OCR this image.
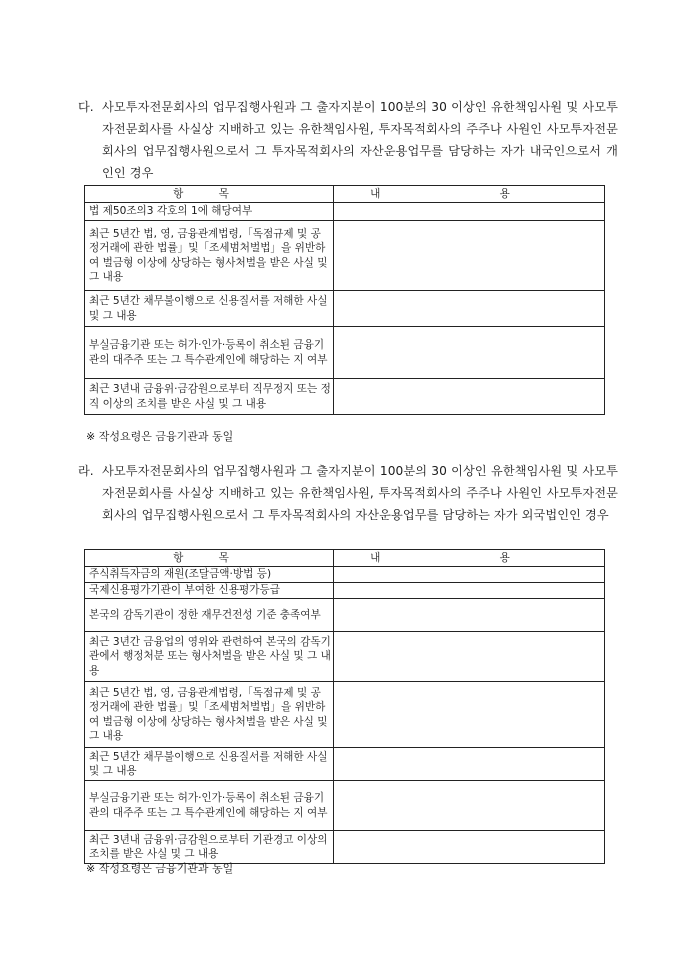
다. 사모투자전문회사의 업무집행사원과 그 출자지분이 100분의 30 이상인 유한책임사원 및 사모투자전문회사를 사실상 지배하고 있는 유한책임사원, 투자목적회사의 주주나 사원인 사모투자전문회사의 업무집행사원으로서 그 투자목적회사의 자산운용업무를 담당하는 자가 내국인으로서 개인인 경우
항 목	내 용
법 제50조의3 각호의 1에 해당여부	
최근 5년간 법, 영, 금융관계법령,「독점규제 및 공정거래에 관한 법률」및「조세범처벌법」을 위반하여 벌금형 이상에 상당하는 형사처벌을 받은 사실 및 그 내용	
최근 5년간 채무불이행으로 신용질서를 저해한 사실 및 그 내용	
부실금융기관 또는 허가·인가·등록이 취소된 금융기관의 대주주 또는 그 특수관계인에 해당하는 지 여부	
최근 3년내 금융위·금감원으로부터 직무정지 또는 정직 이상의 조치를 받은 사실 및 그 내용	
※ 작성요령은 금융기관과 동일
라. 사모투자전문회사의 업무집행사원과 그 출자지분이 100분의 30 이상인 유한책임사원 및 사모투자전문회사를 사실상 지배하고 있는 유한책임사원, 투자목적회사의 주주나 사원인 사모투자전문회사의 업무집행사원으로서 그 투자목적회사의 자산운용업무를 담당하는 자가 외국법인인 경우
항 목	내 용
주식취득자금의 재원(조달금액·방법 등)	
국제신용평가기관이 부여한 신용평가등급	
본국의 감독기관이 정한 재무건전성 기준 충족여부	
최근 3년간 금융업의 영위와 관련하여 본국의 감독기관에서 행정처분 또는 형사처벌을 받은 사실 및 그 내용	
최근 5년간 법, 영, 금융관계법령,「독점규제 및 공정거래에 관한 법률」및「조세범처벌법」을 위반하여 벌금형 이상에 상당하는 형사처벌을 받은 사실 및 그 내용	
최근 5년간 채무불이행으로 신용질서를 저해한 사실 및 그 내용	
부실금융기관 또는 허가·인가·등록이 취소된 금융기관의 대주주 또는 그 특수관계인에 해당하는 지 여부	
최근 3년내 금융위·금감원으로부터 기관경고 이상의 조치를 받은 사실 및 그 내용	
※ 작성요령은 금융기관과 동일
